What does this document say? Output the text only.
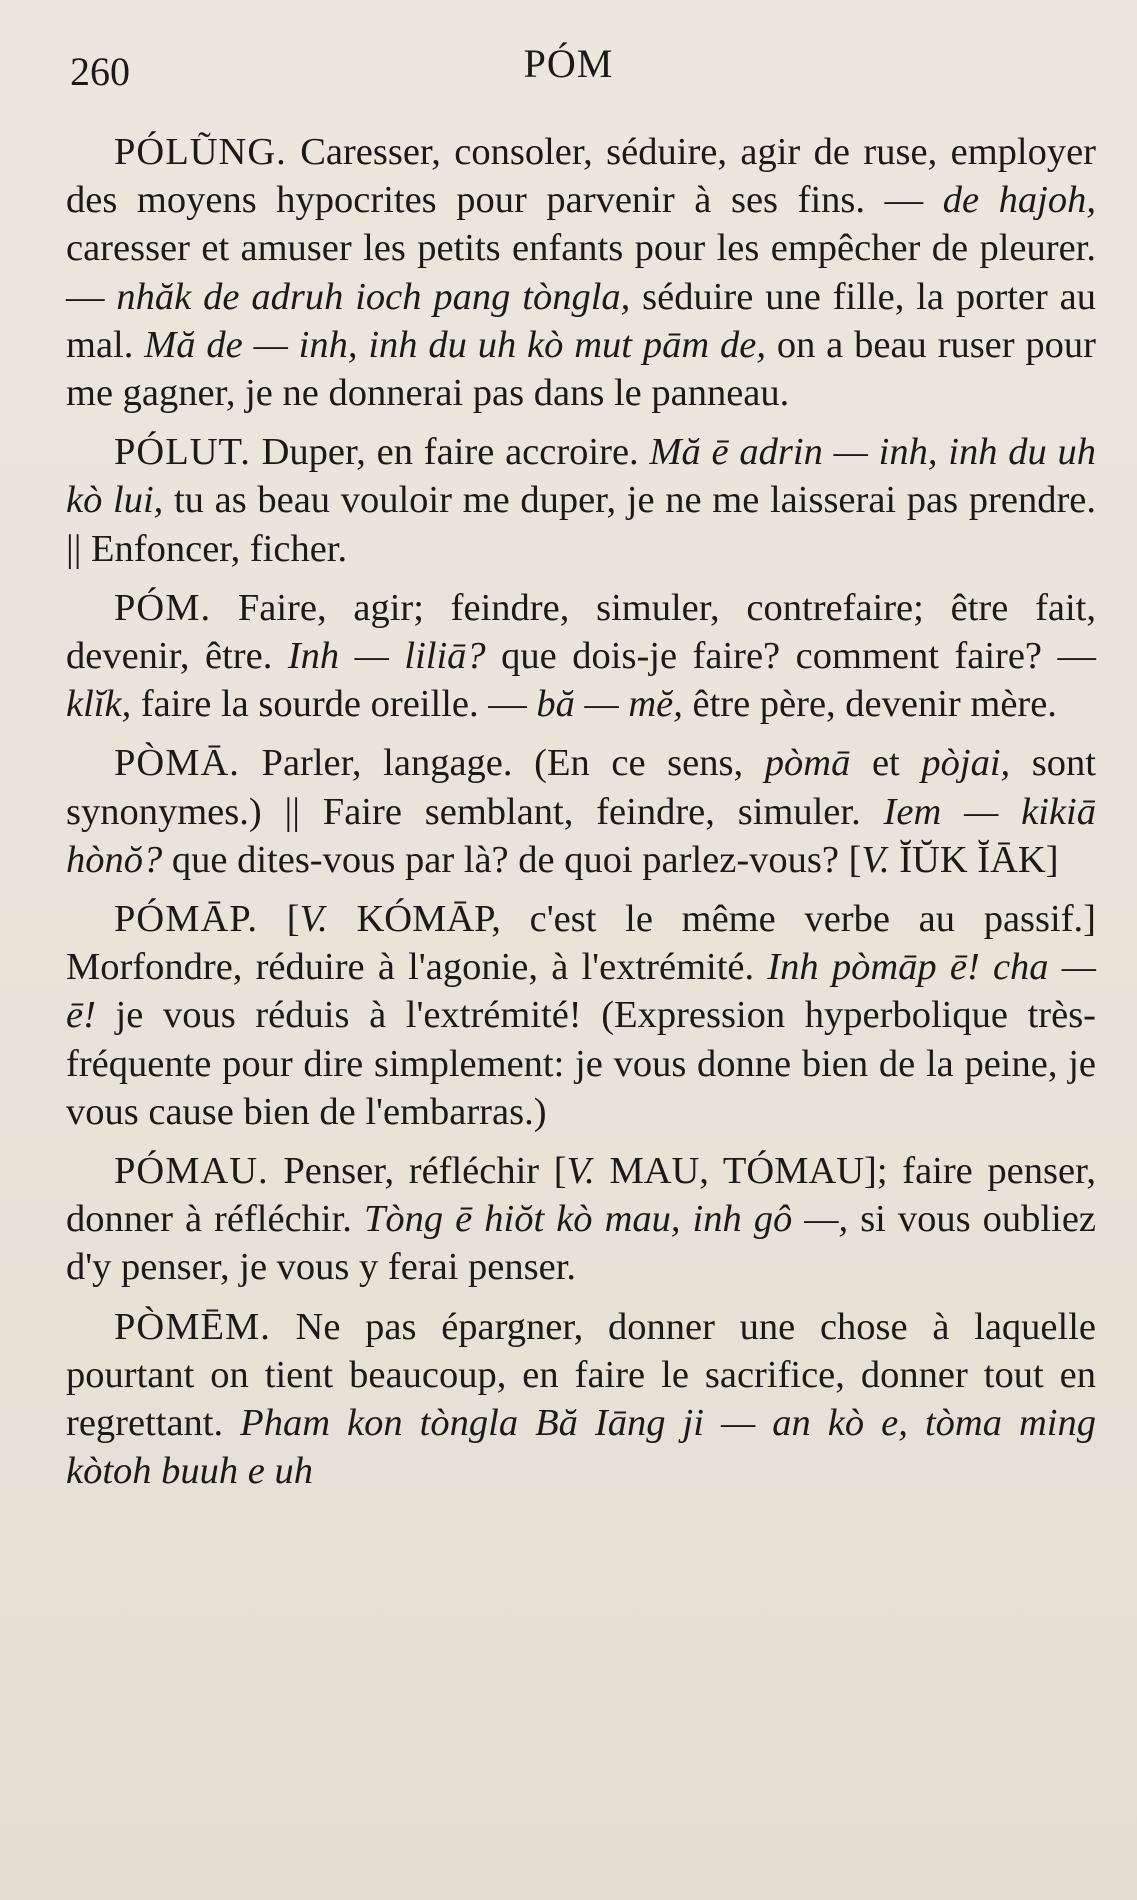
260	PÓM

PÓLŨNG. Caresser, consoler, séduire, agir de ruse, employer des moyens hypocrites pour parvenir à ses fins. — de hajoh, caresser et amuser les petits enfants pour les empêcher de pleurer. — nhăk de adruh ioch pang tòngla, séduire une fille, la porter au mal. Mă de — inh, inh du uh kò mut pām de, on a beau ruser pour me gagner, je ne donnerai pas dans le panneau.

PÓLUT. Duper, en faire accroire. Mă ē adrin — inh, inh du uh kò lui, tu as beau vouloir me duper, je ne me laisserai pas prendre. || Enfoncer, ficher.

PÓM. Faire, agir; feindre, simuler, contrefaire; être fait, devenir, être. Inh — liliā? que dois-je faire? comment faire? — klĭk, faire la sourde oreille. — bă — mĕ, être père, devenir mère.

PÒMĀ. Parler, langage. (En ce sens, pòmā et pòjai, sont synonymes.) || Faire semblant, feindre, simuler. Iem — kikiā hònŏ? que dites-vous par là? de quoi parlez-vous? [V. ĬŬK ĬĀK]

PÓMĀP. [V. KÓMĀP, c'est le même verbe au passif.] Morfondre, réduire à l'agonie, à l'extrémité. Inh pòmāp ē! cha — ē! je vous réduis à l'extrémité! (Expression hyperbolique très-fréquente pour dire simplement: je vous donne bien de la peine, je vous cause bien de l'embarras.)

PÓMAU. Penser, réfléchir [V. MAU, TÓMAU]; faire penser, donner à réfléchir. Tòng ē hiŏt kò mau, inh gô —, si vous oubliez d'y penser, je vous y ferai penser.

PÒMĒM. Ne pas épargner, donner une chose à laquelle pourtant on tient beaucoup, en faire le sacrifice, donner tout en regrettant. Pham kon tòngla Bă Iāng ji — an kò e, tòma ming kòtoh buuh e uh
